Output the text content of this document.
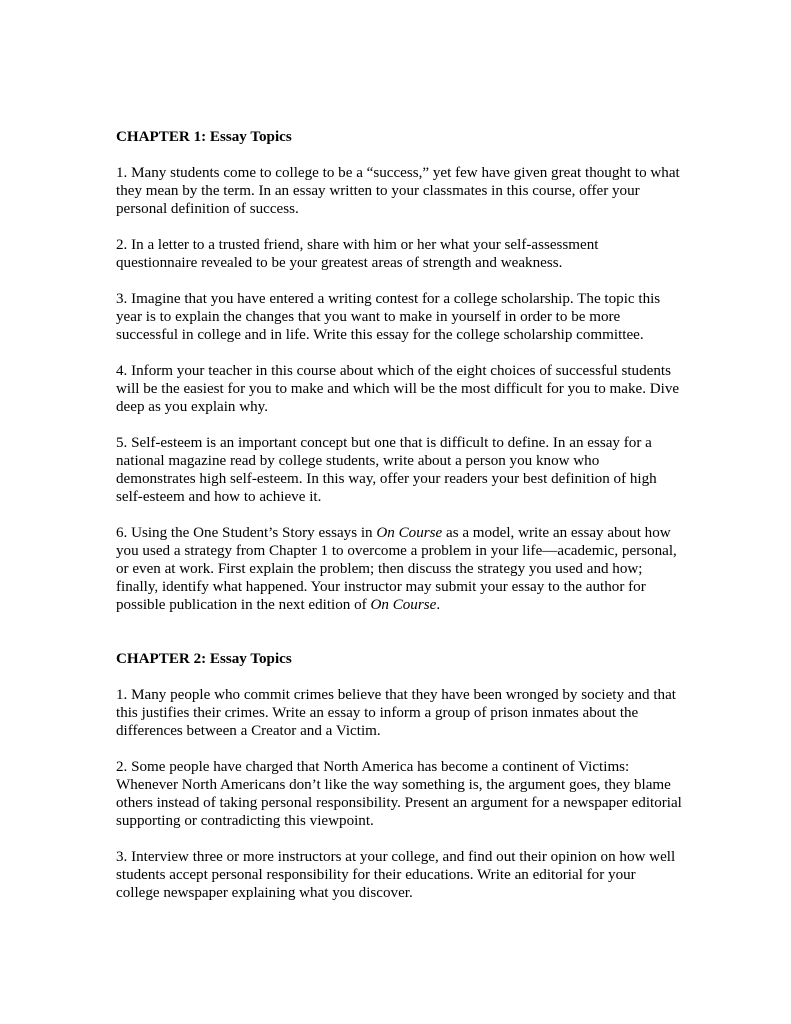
CHAPTER 1: Essay Topics

1. Many students come to college to be a “success,” yet few have given great thought to what they mean by the term. In an essay written to your classmates in this course, offer your personal definition of success.

2. In a letter to a trusted friend, share with him or her what your self-assessment questionnaire revealed to be your greatest areas of strength and weakness.

3. Imagine that you have entered a writing contest for a college scholarship. The topic this year is to explain the changes that you want to make in yourself in order to be more successful in college and in life. Write this essay for the college scholarship committee.

4. Inform your teacher in this course about which of the eight choices of successful students will be the easiest for you to make and which will be the most difficult for you to make. Dive deep as you explain why.

5. Self-esteem is an important concept but one that is difficult to define. In an essay for a national magazine read by college students, write about a person you know who demonstrates high self-esteem. In this way, offer your readers your best definition of high self-esteem and how to achieve it.

6. Using the One Student’s Story essays in On Course as a model, write an essay about how you used a strategy from Chapter 1 to overcome a problem in your life—academic, personal, or even at work. First explain the problem; then discuss the strategy you used and how; finally, identify what happened. Your instructor may submit your essay to the author for possible publication in the next edition of On Course.

CHAPTER 2: Essay Topics

1. Many people who commit crimes believe that they have been wronged by society and that this justifies their crimes. Write an essay to inform a group of prison inmates about the differences between a Creator and a Victim.

2. Some people have charged that North America has become a continent of Victims: Whenever North Americans don’t like the way something is, the argument goes, they blame others instead of taking personal responsibility. Present an argument for a newspaper editorial supporting or contradicting this viewpoint.

3. Interview three or more instructors at your college, and find out their opinion on how well students accept personal responsibility for their educations. Write an editorial for your college newspaper explaining what you discover.
